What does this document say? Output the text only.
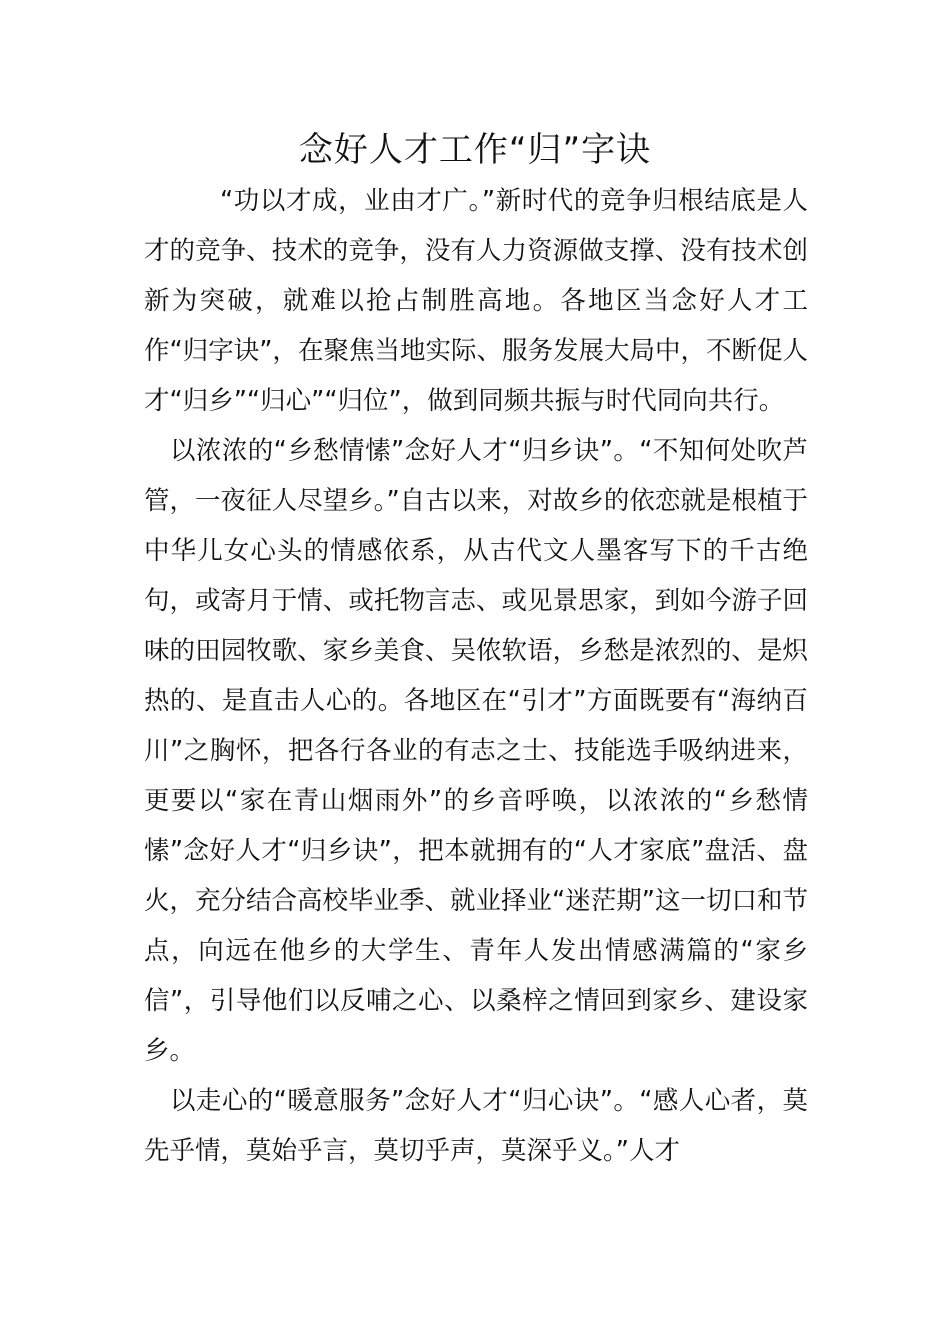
念好人才工作“归”字诀

“功以才成，业由才广。”新时代的竞争归根结底是人才的竞争、技术的竞争，没有人力资源做支撑、没有技术创新为突破，就难以抢占制胜高地。各地区当念好人才工作“归字诀”，在聚焦当地实际、服务发展大局中，不断促人才“归乡”“归心”“归位”，做到同频共振与时代同向共行。

以浓浓的“乡愁情愫”念好人才“归乡诀”。“不知何处吹芦管，一夜征人尽望乡。”自古以来，对故乡的依恋就是根植于中华儿女心头的情感依系，从古代文人墨客写下的千古绝句，或寄月于情、或托物言志、或见景思家，到如今游子回味的田园牧歌、家乡美食、吴侬软语，乡愁是浓烈的、是炽热的、是直击人心的。各地区在“引才”方面既要有“海纳百川”之胸怀，把各行各业的有志之士、技能选手吸纳进来，更要以“家在青山烟雨外”的乡音呼唤，以浓浓的“乡愁情愫”念好人才“归乡诀”，把本就拥有的“人才家底”盘活、盘火，充分结合高校毕业季、就业择业“迷茫期”这一切口和节点，向远在他乡的大学生、青年人发出情感满篇的“家乡信”，引导他们以反哺之心、以桑梓之情回到家乡、建设家乡。

以走心的“暖意服务”念好人才“归心诀”。“感人心者，莫先乎情，莫始乎言，莫切乎声，莫深乎义。”人才
